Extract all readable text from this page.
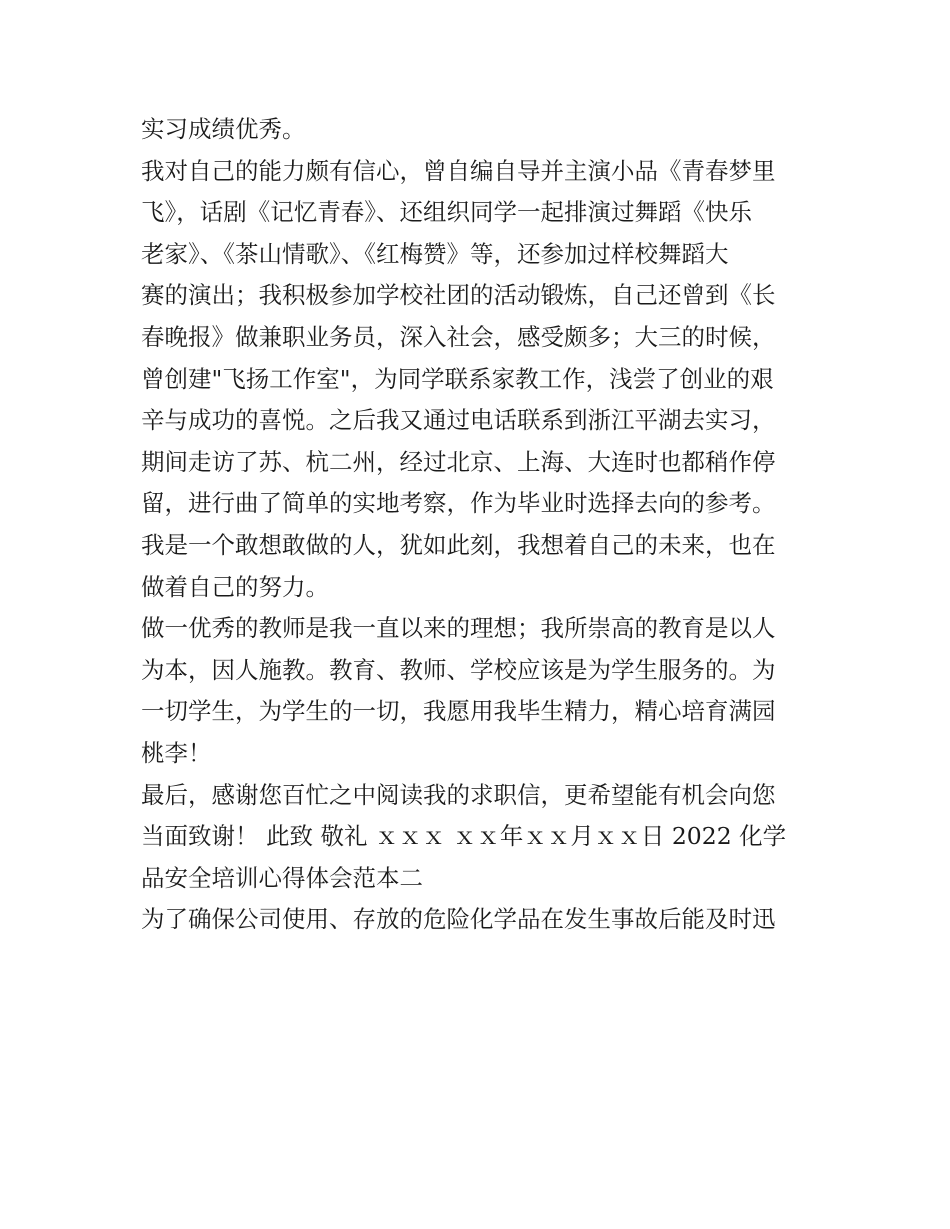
实习成绩优秀。
我对自己的能力颇有信心，曾自编自导并主演小品《青春梦里
飞》，话剧《记忆青春》、还组织同学一起排演过舞蹈《快乐
老家》、《茶山情歌》、《红梅赞》等，还参加过样校舞蹈大
赛的演出；我积极参加学校社团的活动锻炼，自己还曾到《长
春晚报》做兼职业务员，深入社会，感受颇多；大三的时候，
曾创建"飞扬工作室"，为同学联系家教工作，浅尝了创业的艰
辛与成功的喜悦。之后我又通过电话联系到浙江平湖去实习，
期间走访了苏、杭二州，经过北京、上海、大连时也都稍作停
留，进行曲了简单的实地考察，作为毕业时选择去向的参考。
我是一个敢想敢做的人，犹如此刻，我想着自己的未来，也在
做着自己的努力。
做一优秀的教师是我一直以来的理想；我所崇高的教育是以人
为本，因人施教。教育、教师、学校应该是为学生服务的。为
一切学生，为学生的一切，我愿用我毕生精力，精心培育满园
桃李！
最后，感谢您百忙之中阅读我的求职信，更希望能有机会向您
当面致谢！ 此致 敬礼 ｘｘｘ ｘｘ年ｘｘ月ｘｘ日 2022 化学
品安全培训心得体会范本二
为了确保公司使用、存放的危险化学品在发生事故后能及时迅
